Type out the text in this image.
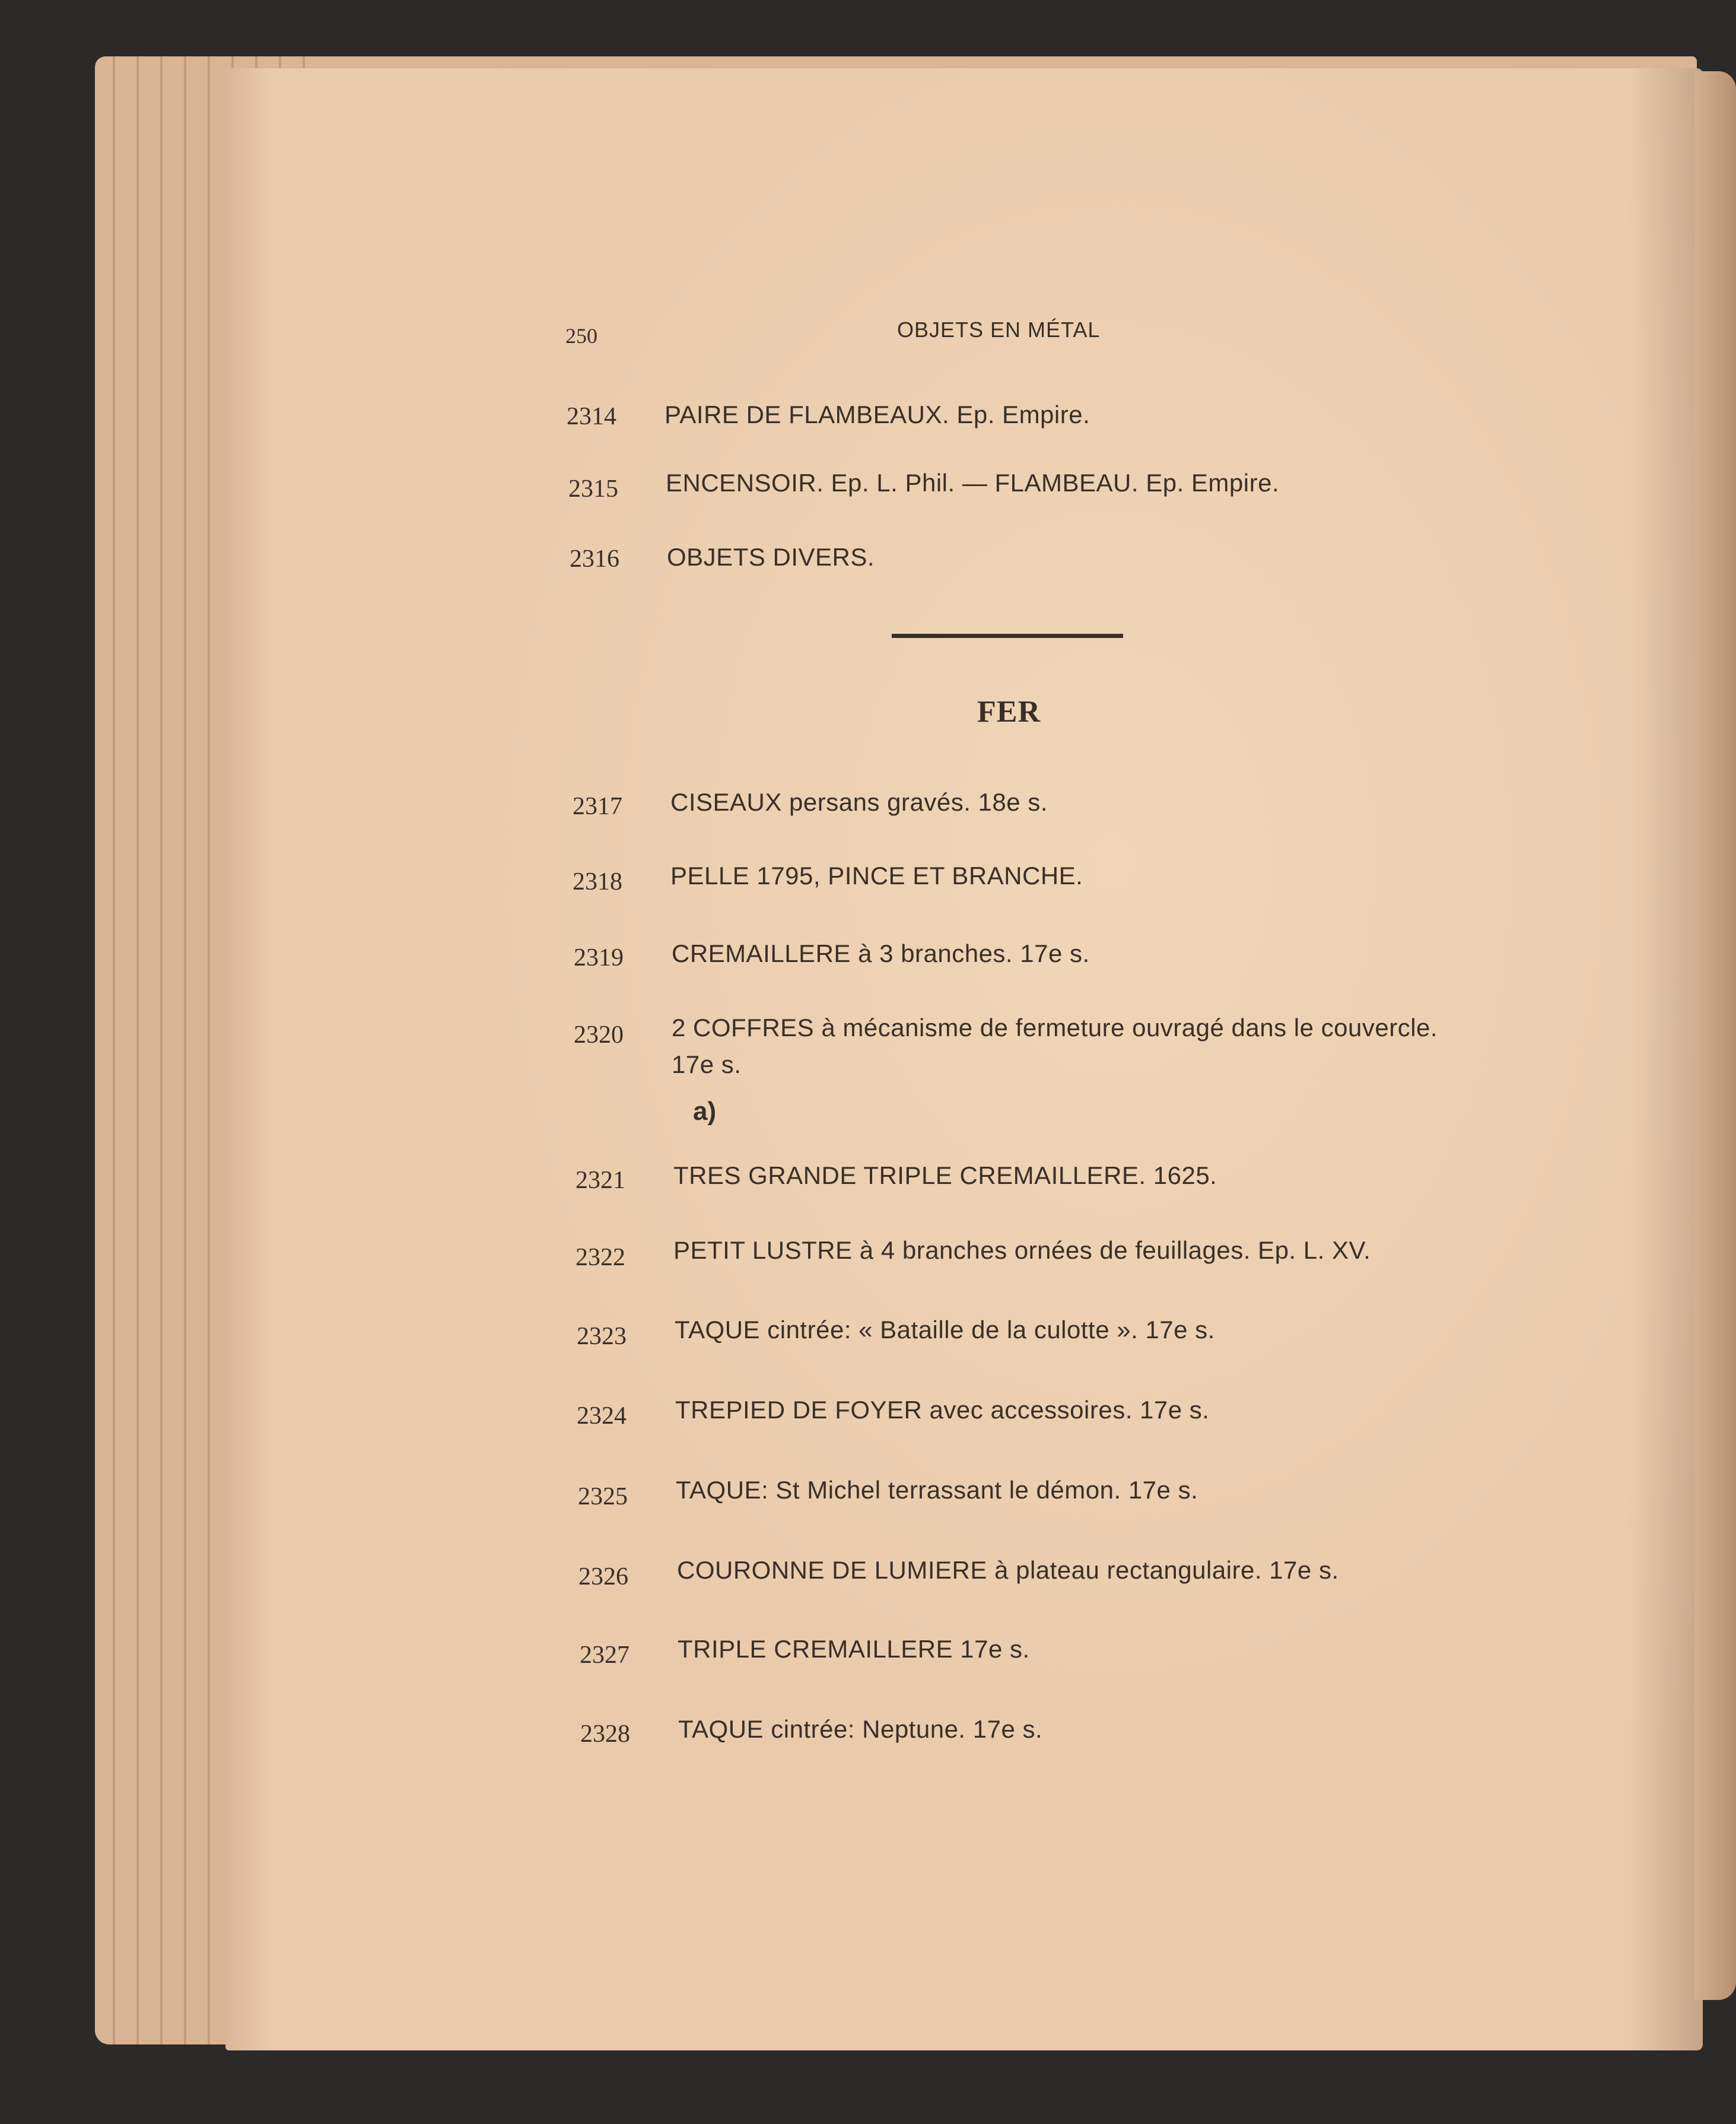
250	OBJETS EN MÉTAL
2314 PAIRE DE FLAMBEAUX. Ep. Empire.
2315 ENCENSOIR. Ep. L. Phil. — FLAMBEAU. Ep. Empire.
2316 OBJETS DIVERS.
FER
2317 CISEAUX persans gravés. 18e s.
2318 PELLE 1795, PINCE ET BRANCHE.
2319 CREMAILLERE à 3 branches. 17e s.
2320 2 COFFRES à mécanisme de fermeture ouvragé dans le couvercle.
17e s.
a)
2321 TRES GRANDE TRIPLE CREMAILLERE. 1625.
2322 PETIT LUSTRE à 4 branches ornées de feuillages. Ep. L. XV.
2323 TAQUE cintrée: « Bataille de la culotte ». 17e s.
2324 TREPIED DE FOYER avec accessoires. 17e s.
2325 TAQUE: St Michel terrassant le démon. 17e s.
2326 COURONNE DE LUMIERE à plateau rectangulaire. 17e s.
2327 TRIPLE CREMAILLERE 17e s.
2328 TAQUE cintrée: Neptune. 17e s.
